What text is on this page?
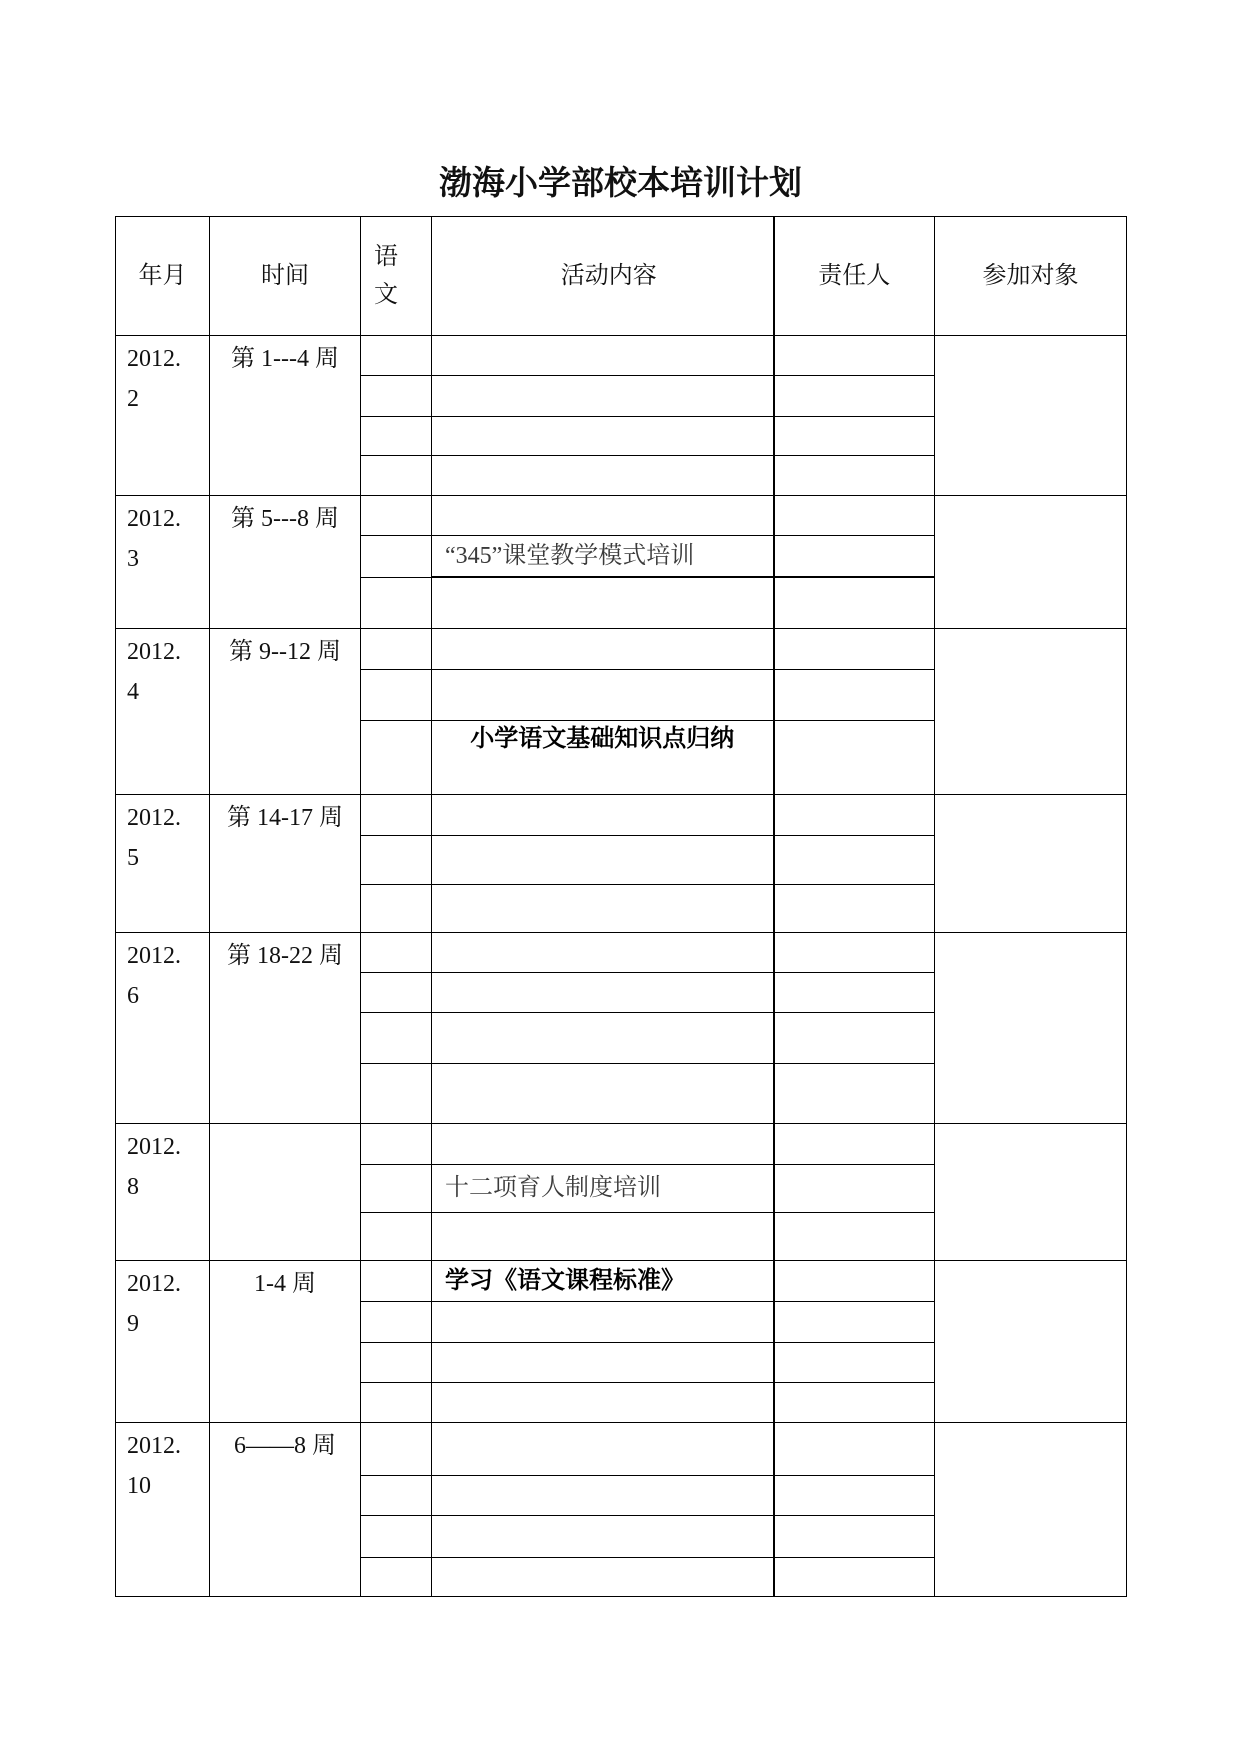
渤海小学部校本培训计划
年月	时间	语文	活动内容	责任人	参加对象

2012.2	第 1---4 周				

2012.3	第 5---8 周				
			“345”课堂教学模式培训		

2012.4	第 9--12 周				

			小学语文基础知识点归纳		

2012.5	第 14-17 周				

2012.6	第 18-22 周				

2012.8					

			十二项育人制度培训		

2012.9	1-4 周		学习《语文课程标准》		

2012.10	6——8 周				
